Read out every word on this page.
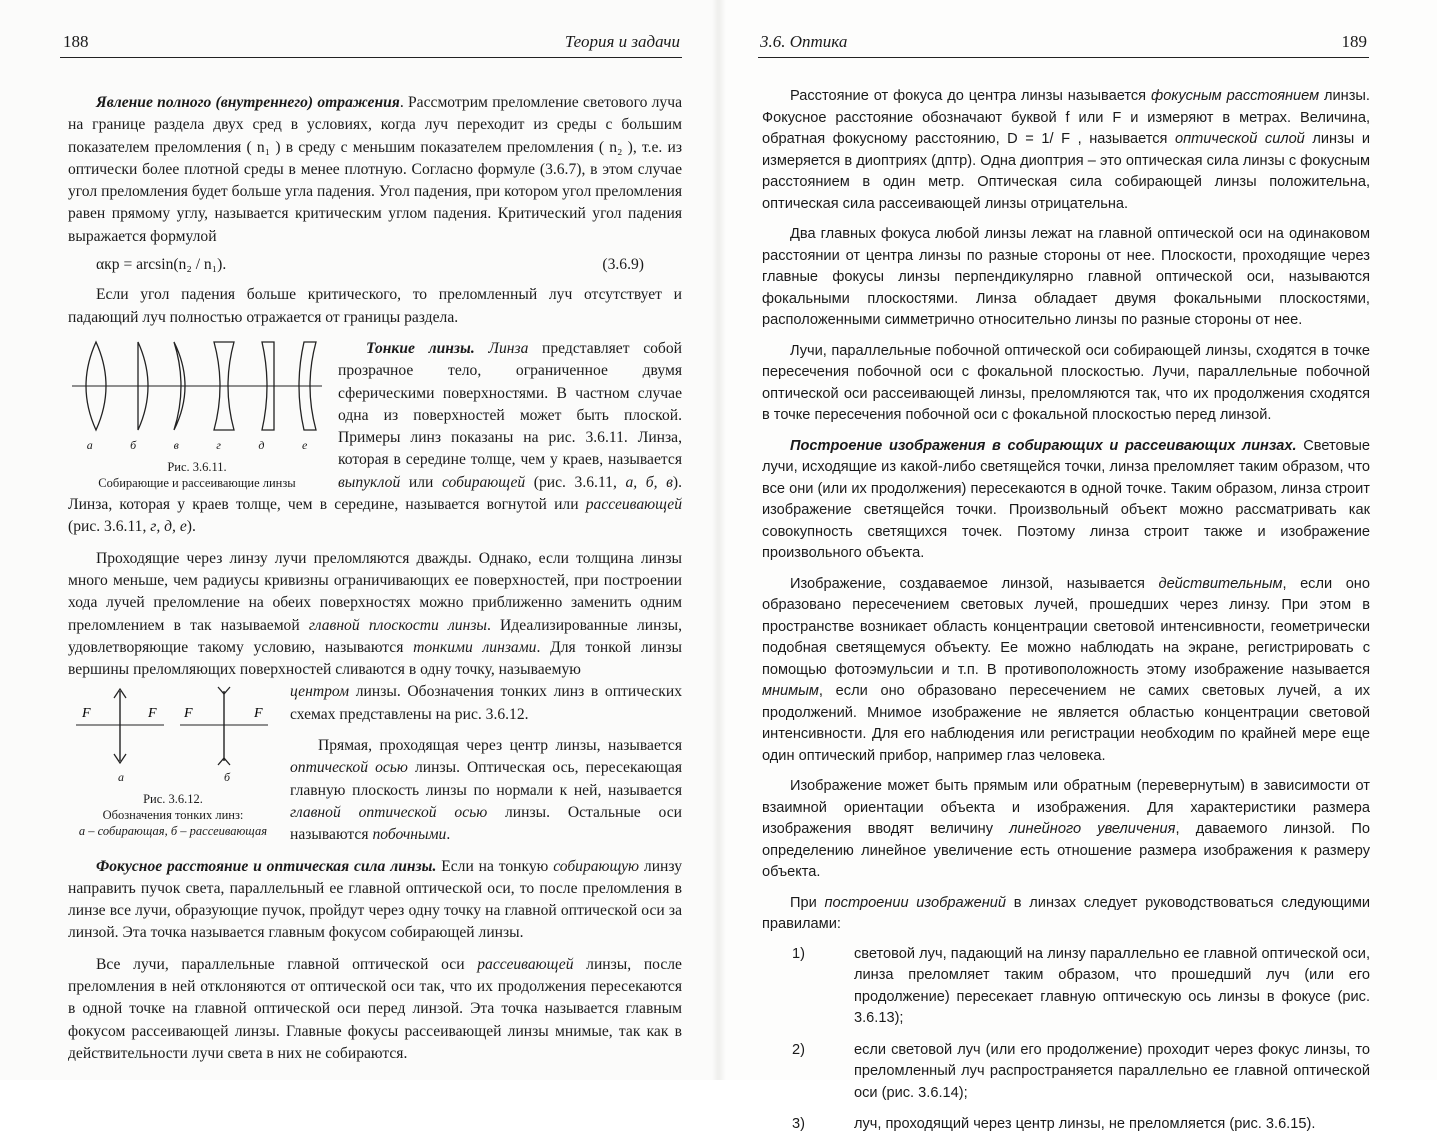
188	Теория и задачи

Явление полного (внутреннего) отражения. Рассмотрим преломление светового луча на границе раздела двух сред в условиях, когда луч переходит из среды с большим показателем преломления ( n₁ ) в среду с меньшим показателем преломления ( n₂ ), т.е. из оптически более плотной среды в менее плотную. Согласно формуле (3.6.7), в этом случае угол преломления будет больше угла падения. Угол падения, при котором угол преломления равен прямому углу, называется критическим углом падения. Критический угол падения выражается формулой

αкр = arcsin(n₂ / n₁).	(3.6.9)

Если угол падения больше критического, то преломленный луч отсутствует и падающий луч полностью отражается от границы раздела.

а	б	в	г	д	е
Рис. 3.6.11.
Собирающие и рассеивающие линзы

Тонкие линзы. Линза представляет собой прозрачное тело, ограниченное двумя сферическими поверхностями. В частном случае одна из поверхностей может быть плоской. Примеры линз показаны на рис. 3.6.11. Линза, которая в середине толще, чем у краев, называется выпуклой или собирающей (рис. 3.6.11, а, б, в). Линза, которая у краев толще, чем в середине, называется вогнутой или рассеивающей (рис. 3.6.11, г, д, е).

Проходящие через линзу лучи преломляются дважды. Однако, если толщина линзы много меньше, чем радиусы кривизны ограничивающих ее поверхностей, при построении хода лучей преломление на обеих поверхностях можно приближенно заменить одним преломлением в так называемой главной плоскости линзы. Идеализированные линзы, удовлетворяющие такому условию, называются тонкими линзами. Для тонкой линзы вершины преломляющих поверхностей сливаются в одну точку, называемую

F	F F	F
а	б
Рис. 3.6.12.
Обозначения тонких линз:
а – собирающая, б – рассеивающая

центром линзы. Обозначения тонких линз в оптических схемах представлены на рис. 3.6.12.

Прямая, проходящая через центр линзы, называется оптической осью линзы. Оптическая ось, пересекающая главную плоскость линзы по нормали к ней, называется главной оптической осью линзы. Остальные оси называются побочными.

Фокусное расстояние и оптическая сила линзы. Если на тонкую собирающую линзу направить пучок света, параллельный ее главной оптической оси, то после преломления в линзе все лучи, образующие пучок, пройдут через одну точку на главной оптической оси за линзой. Эта точка называется главным фокусом собирающей линзы.

Все лучи, параллельные главной оптической оси рассеивающей линзы, после преломления в ней отклоняются от оптической оси так, что их продолжения пересекаются в одной точке на главной оптической оси перед линзой. Эта точка называется главным фокусом рассеивающей линзы. Главные фокусы рассеивающей линзы мнимые, так как в действительности лучи света в них не собираются.

3.6. Оптика	189

Расстояние от фокуса до центра линзы называется фокусным расстоянием линзы. Фокусное расстояние обозначают буквой f или F и измеряют в метрах. Величина, обратная фокусному расстоянию, D = 1/ F , называется оптической силой линзы и измеряется в диоптриях (дптр). Одна диоптрия – это оптическая сила линзы с фокусным расстоянием в один метр. Оптическая сила собирающей линзы положительна, оптическая сила рассеивающей линзы отрицательна.

Два главных фокуса любой линзы лежат на главной оптической оси на одинаковом расстоянии от центра линзы по разные стороны от нее. Плоскости, проходящие через главные фокусы линзы перпендикулярно главной оптической оси, называются фокальными плоскостями. Линза обладает двумя фокальными плоскостями, расположенными симметрично относительно линзы по разные стороны от нее.

Лучи, параллельные побочной оптической оси собирающей линзы, сходятся в точке пересечения побочной оси с фокальной плоскостью. Лучи, параллельные побочной оптической оси рассеивающей линзы, преломляются так, что их продолжения сходятся в точке пересечения побочной оси с фокальной плоскостью перед линзой.

Построение изображения в собирающих и рассеивающих линзах. Световые лучи, исходящие из какой-либо светящейся точки, линза преломляет таким образом, что все они (или их продолжения) пересекаются в одной точке. Таким образом, линза строит изображение светящейся точки. Произвольный объект можно рассматривать как совокупность светящихся точек. Поэтому линза строит также и изображение произвольного объекта.

Изображение, создаваемое линзой, называется действительным, если оно образовано пересечением световых лучей, прошедших через линзу. При этом в пространстве возникает область концентрации световой интенсивности, геометрически подобная светящемуся объекту. Ее можно наблюдать на экране, регистрировать с помощью фотоэмульсии и т.п. В противоположность этому изображение называется мнимым, если оно образовано пересечением не самих световых лучей, а их продолжений. Мнимое изображение не является областью концентрации световой интенсивности. Для его наблюдения или регистрации необходим по крайней мере еще один оптический прибор, например глаз человека.

Изображение может быть прямым или обратным (перевернутым) в зависимости от взаимной ориентации объекта и изображения. Для характеристики размера изображения вводят величину линейного увеличения, даваемого линзой. По определению линейное увеличение есть отношение размера изображения к размеру объекта.

При построении изображений в линзах следует руководствоваться следующими правилами:

1)	световой луч, падающий на линзу параллельно ее главной оптической оси, линза преломляет таким образом, что прошедший луч (или его продолжение) пересекает главную оптическую ось линзы в фокусе (рис. 3.6.13);
2)	если световой луч (или его продолжение) проходит через фокус линзы, то преломленный луч распространяется параллельно ее главной оптической оси (рис. 3.6.14);
3)	луч, проходящий через центр линзы, не преломляется (рис. 3.6.15).
